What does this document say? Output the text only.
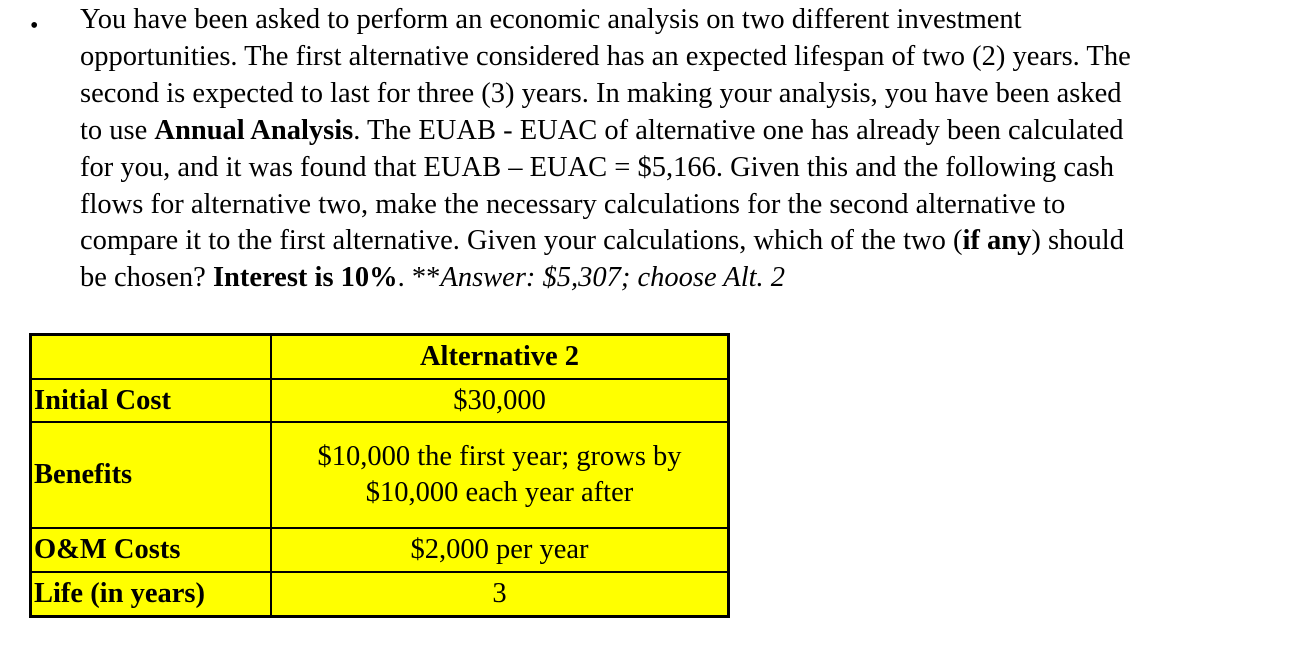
• You have been asked to perform an economic analysis on two different investment
opportunities. The first alternative considered has an expected lifespan of two (2) years. The
second is expected to last for three (3) years. In making your analysis, you have been asked
to use Annual Analysis. The EUAB - EUAC of alternative one has already been calculated
for you, and it was found that EUAB – EUAC = $5,166. Given this and the following cash
flows for alternative two, make the necessary calculations for the second alternative to
compare it to the first alternative. Given your calculations, which of the two (if any) should
be chosen? Interest is 10%. **Answer: $5,307; choose Alt. 2

	Alternative 2

Initial Cost	$30,000

Benefits	$10,000 the first year; grows by
$10,000 each year after

O&M Costs	$2,000 per year

Life (in years)	3
